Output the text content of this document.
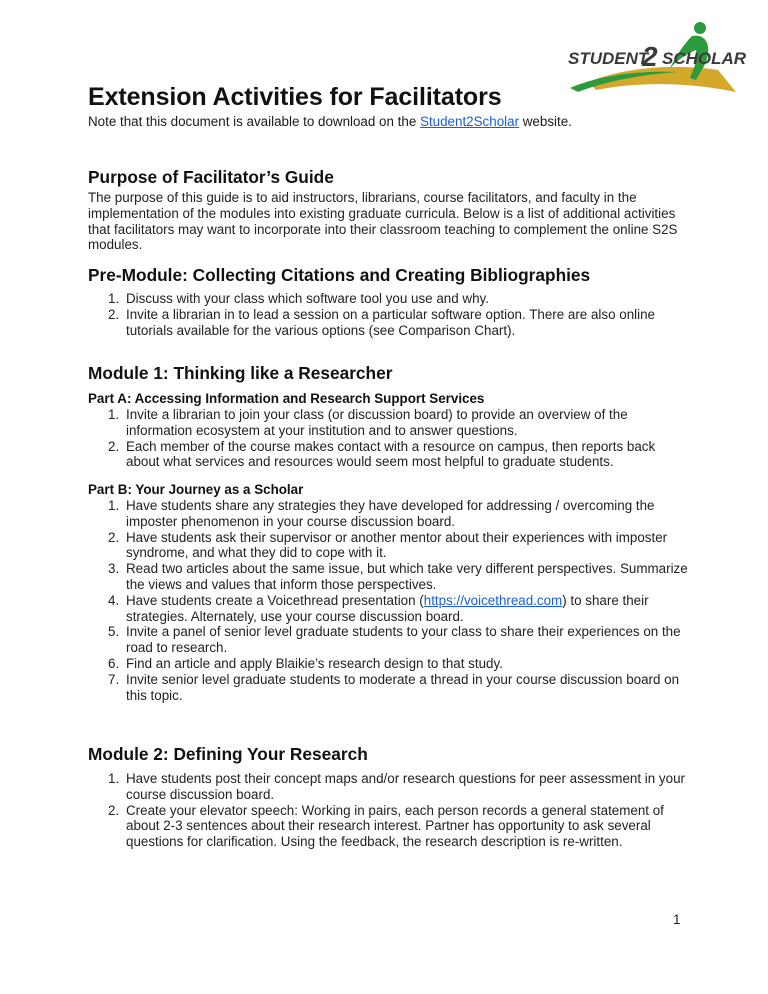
STUDENT
2 SCHOLAR
Extension Activities for Facilitators

Note that this document is available to download on the Student2Scholar website.

Purpose of Facilitator’s Guide

The purpose of this guide is to aid instructors, librarians, course facilitators, and faculty in the implementation of the modules into existing graduate curricula. Below is a list of additional activities that facilitators may want to incorporate into their classroom teaching to complement the online S2S modules.

Pre-Module: Collecting Citations and Creating Bibliographies
1. Discuss with your class which software tool you use and why.
2. Invite a librarian in to lead a session on a particular software option. There are also online tutorials available for the various options (see Comparison Chart).
Module 1: Thinking like a Researcher
Part A: Accessing Information and Research Support Services
1. Invite a librarian to join your class (or discussion board) to provide an overview of the information ecosystem at your institution and to answer questions.
2. Each member of the course makes contact with a resource on campus, then reports back about what services and resources would seem most helpful to graduate students.
Part B: Your Journey as a Scholar
1. Have students share any strategies they have developed for addressing / overcoming the imposter phenomenon in your course discussion board.
2. Have students ask their supervisor or another mentor about their experiences with imposter syndrome, and what they did to cope with it.
3. Read two articles about the same issue, but which take very different perspectives. Summarize the views and values that inform those perspectives.
4. Have students create a Voicethread presentation (https://voicethread.com) to share their strategies. Alternately, use your course discussion board.
5. Invite a panel of senior level graduate students to your class to share their experiences on the road to research.
6. Find an article and apply Blaikie’s research design to that study.
7. Invite senior level graduate students to moderate a thread in your course discussion board on this topic.
Module 2: Defining Your Research
1. Have students post their concept maps and/or research questions for peer assessment in your course discussion board.
2. Create your elevator speech: Working in pairs, each person records a general statement of about 2-3 sentences about their research interest. Partner has opportunity to ask several questions for clarification. Using the feedback, the research description is re-written.
1
